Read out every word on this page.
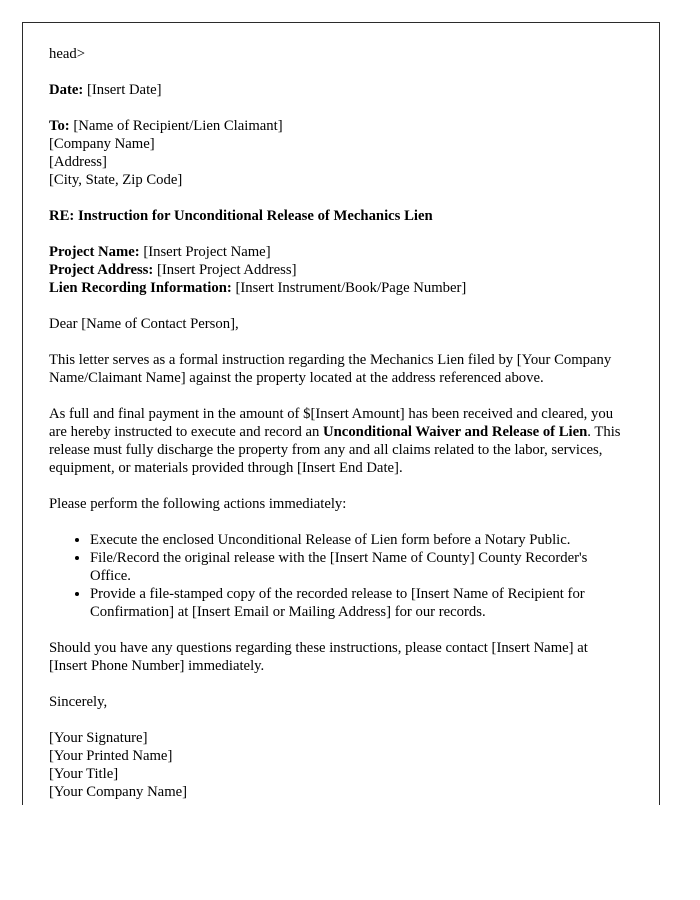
head>
Date: [Insert Date]
To: [Name of Recipient/Lien Claimant]
[Company Name]
[Address]
[City, State, Zip Code]
RE: Instruction for Unconditional Release of Mechanics Lien
Project Name: [Insert Project Name]
Project Address: [Insert Project Address]
Lien Recording Information: [Insert Instrument/Book/Page Number]

Dear [Name of Contact Person],

This letter serves as a formal instruction regarding the Mechanics Lien filed by [Your Company Name/Claimant Name] against the property located at the address referenced above.

As full and final payment in the amount of $[Insert Amount] has been received and cleared, you are hereby instructed to execute and record an Unconditional Waiver and Release of Lien. This release must fully discharge the property from any and all claims related to the labor, services, equipment, or materials provided through [Insert End Date].

Please perform the following actions immediately:

• Execute the enclosed Unconditional Release of Lien form before a Notary Public.
• File/Record the original release with the [Insert Name of County] County Recorder's Office.
• Provide a file-stamped copy of the recorded release to [Insert Name of Recipient for Confirmation] at [Insert Email or Mailing Address] for our records.

Should you have any questions regarding these instructions, please contact [Insert Name] at [Insert Phone Number] immediately.

Sincerely,

[Your Signature]
[Your Printed Name]
[Your Title]
[Your Company Name]
